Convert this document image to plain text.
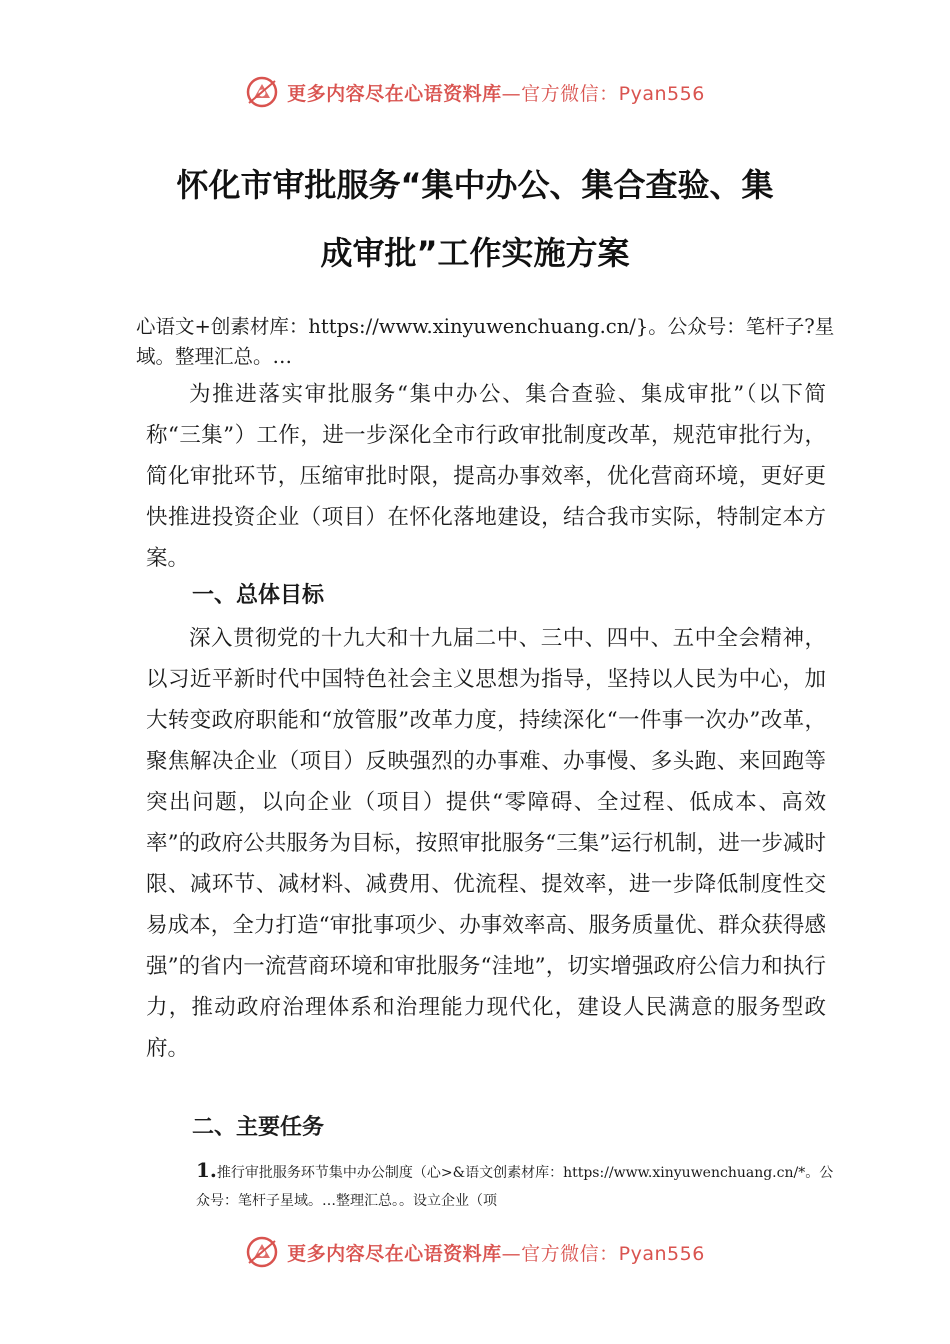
更多内容尽在心语资料库—官方微信：Pyan556
怀化市审批服务“集中办公、集合查验、集
成审批”工作实施方案

心语文+创素材库：https://www.xinyuwenchuang.cn/}。公众号：笔杆子?星域。整理汇总。…

为推进落实审批服务“集中办公、集合查验、集成审批”（以下简称“三集”）工作，进一步深化全市行政审批制度改革，规范审批行为，简化审批环节，压缩审批时限，提高办事效率，优化营商环境，更好更快推进投资企业（项目）在怀化落地建设，结合我市实际，特制定本方案。

一、总体目标

深入贯彻党的十九大和十九届二中、三中、四中、五中全会精神，以习近平新时代中国特色社会主义思想为指导，坚持以人民为中心，加大转变政府职能和“放管服”改革力度，持续深化“一件事一次办”改革，聚焦解决企业（项目）反映强烈的办事难、办事慢、多头跑、来回跑等突出问题，以向企业（项目）提供“零障碍、全过程、低成本、高效率”的政府公共服务为目标，按照审批服务“三集”运行机制，进一步减时限、减环节、减材料、减费用、优流程、提效率，进一步降低制度性交易成本，全力打造“审批事项少、办事效率高、服务质量优、群众获得感强”的省内一流营商环境和审批服务“洼地”，切实增强政府公信力和执行力，推动政府治理体系和治理能力现代化，建设人民满意的服务型政府。

二、主要任务

1.推行审批服务环节集中办公制度（心>&语文创素材库：https://www.xinyuwenchuang.cn/*。公众号：笔杆子星域。…整理汇总。。设立企业（项

更多内容尽在心语资料库—官方微信：Pyan556
